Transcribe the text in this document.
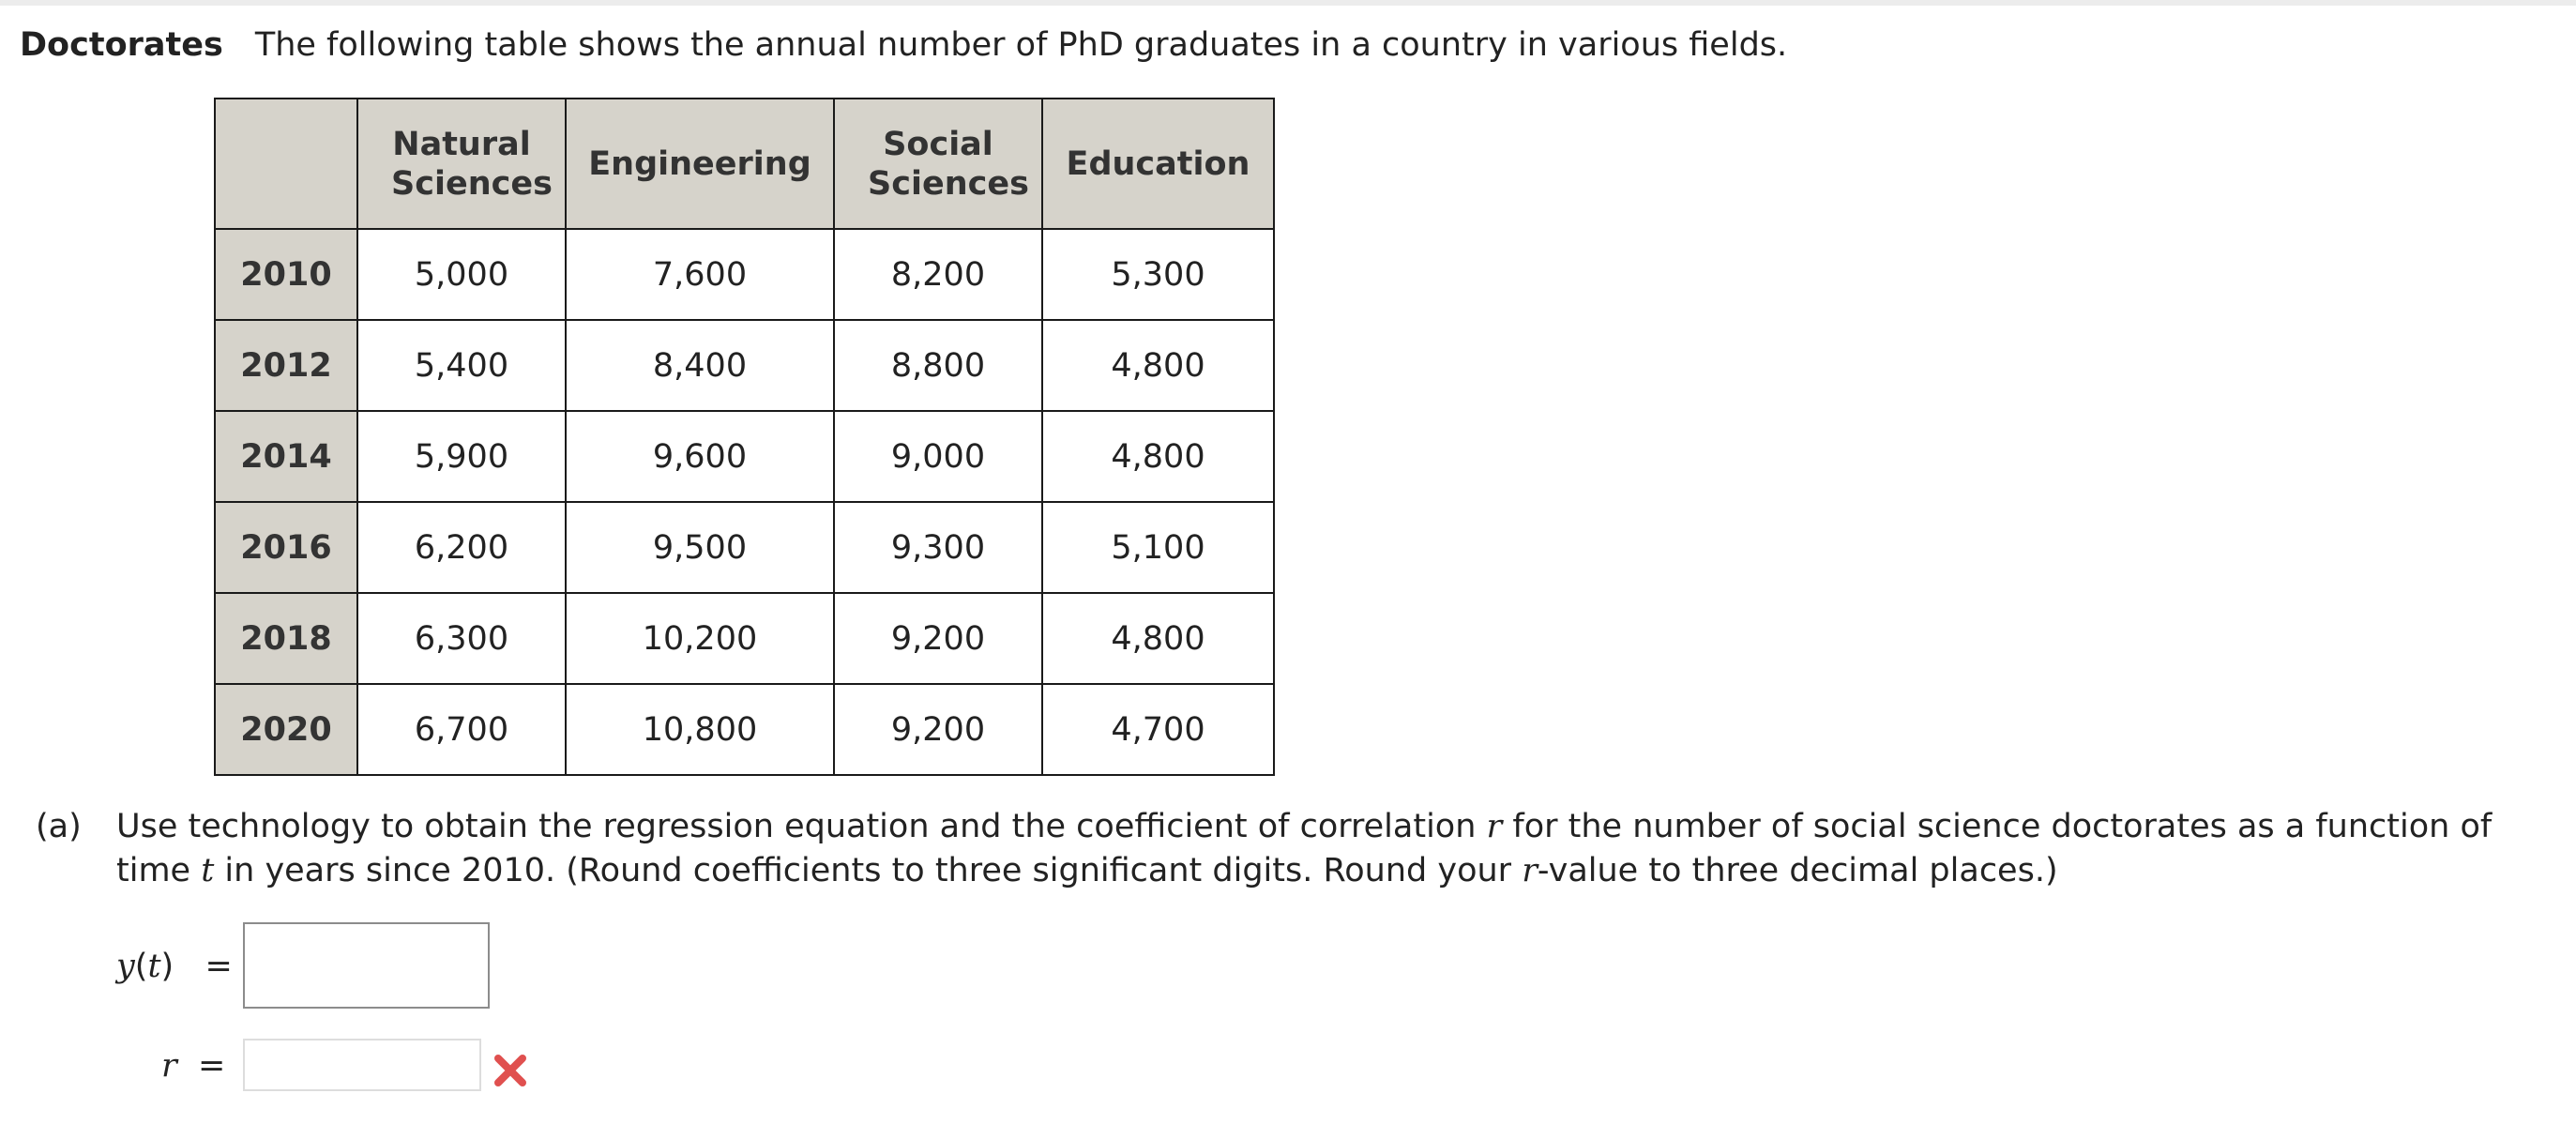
Doctorates The following table shows the annual number of PhD graduates in a country in various fields.
	Natural Sciences	Engineering	Social Sciences	Education
2010	5,000	7,600	8,200	5,300
2012	5,400	8,400	8,800	4,800
2014	5,900	9,600	9,000	4,800
2016	6,200	9,500	9,300	5,100
2018	6,300	10,200	9,200	4,800
2020	6,700	10,800	9,200	4,700
(a) Use technology to obtain the regression equation and the coefficient of correlation r for the number of social science doctorates as a function of time t in years since 2010. (Round coefficients to three significant digits. Round your r-value to three decimal places.)
y(t)   =
r =
